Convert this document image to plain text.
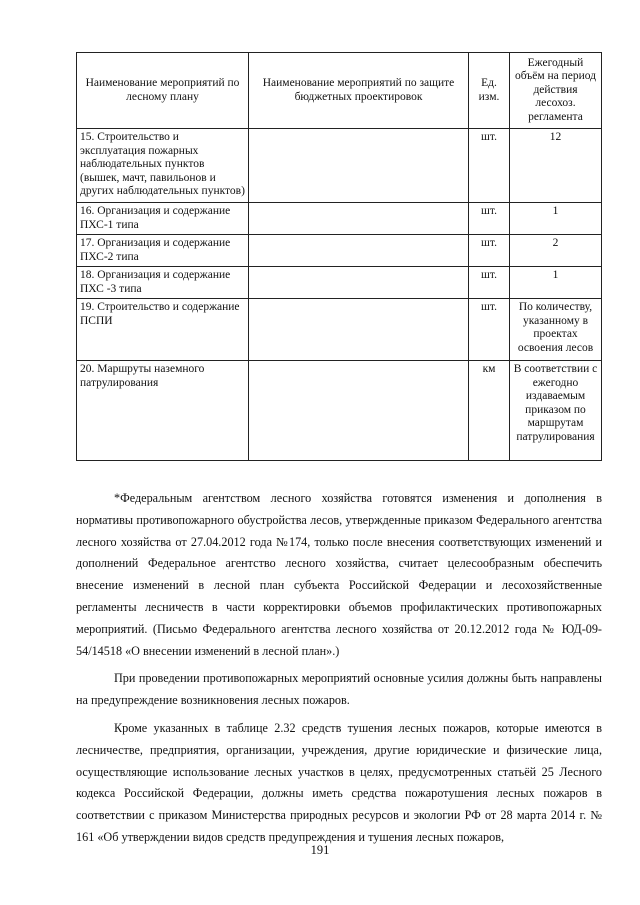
Наименование мероприятий по лесному плану	Наименование мероприятий по защите бюджетных проектировок	Ед. изм.	Ежегодный объём на период действия лесохоз. регламента
15. Строительство и эксплуатация пожарных наблюдательных пунктов (вышек, мачт, павильонов и других наблюдательных пунктов)		шт.	12
16. Организация и содержание ПХС-1 типа		шт.	1
17. Организация и содержание ПХС-2 типа		шт.	2
18. Организация и содержание ПХС -3 типа		шт.	1
19. Строительство и содержание ПСПИ		шт.	По количеству, указанному в проектах освоения лесов
20. Маршруты наземного патрулирования		км	В соответствии с ежегодно издаваемым приказом по маршрутам патрулирования

*Федеральным агентством лесного хозяйства готовятся изменения и дополнения в нормативы противопожарного обустройства лесов, утвержденные приказом Федерального агентства лесного хозяйства от 27.04.2012 года №174, только после внесения соответствующих изменений и дополнений Федеральное агентство лесного хозяйства, считает целесообразным обеспечить внесение изменений в лесной план субъекта Российской Федерации и лесохозяйственные регламенты лесничеств в части корректировки объемов профилактических противопожарных мероприятий. (Письмо Федерального агентства лесного хозяйства от 20.12.2012 года № ЮД-09-54/14518 «О внесении изменений в лесной план».)

При проведении противопожарных мероприятий основные усилия должны быть направлены на предупреждение возникновения лесных пожаров.

Кроме указанных в таблице 2.32 средств тушения лесных пожаров, которые имеются в лесничестве, предприятия, организации, учреждения, другие юридические и физические лица, осуществляющие использование лесных участков в целях, предусмотренных статьёй 25 Лесного кодекса Российской Федерации, должны иметь средства пожаротушения лесных пожаров в соответствии с приказом Министерства природных ресурсов и экологии РФ от 28 марта 2014 г. № 161 «Об утверждении видов средств предупреждения и тушения лесных пожаров,

191
